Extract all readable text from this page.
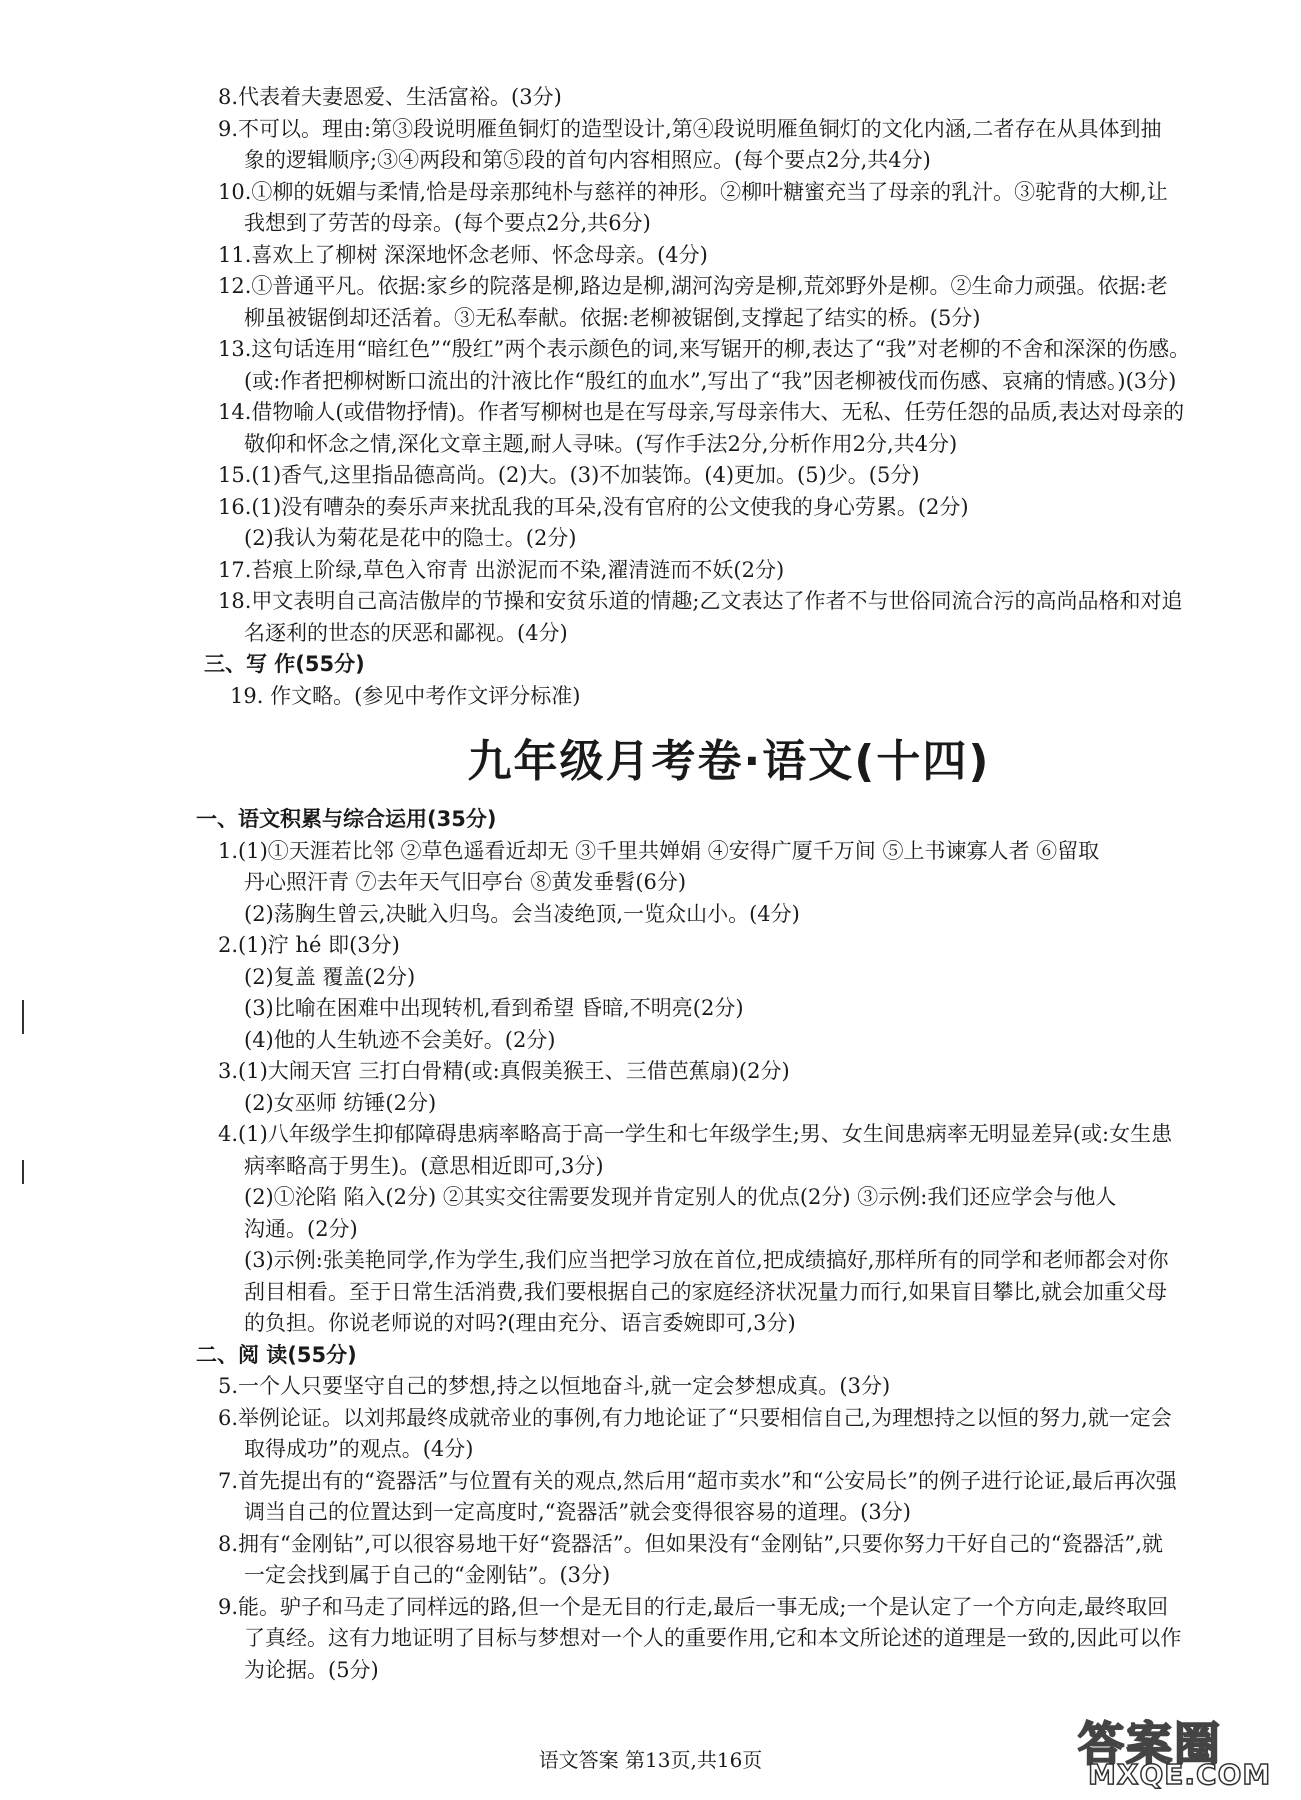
8.代表着夫妻恩爱、生活富裕。(3分)

9.不可以。理由:第③段说明雁鱼铜灯的造型设计,第④段说明雁鱼铜灯的文化内涵,二者存在从具体到抽

象的逻辑顺序;③④两段和第⑤段的首句内容相照应。(每个要点2分,共4分)

10.①柳的妩媚与柔情,恰是母亲那纯朴与慈祥的神形。②柳叶糖蜜充当了母亲的乳汁。③驼背的大柳,让

我想到了劳苦的母亲。(每个要点2分,共6分)

11.喜欢上了柳树 深深地怀念老师、怀念母亲。(4分)

12.①普通平凡。依据:家乡的院落是柳,路边是柳,湖河沟旁是柳,荒郊野外是柳。②生命力顽强。依据:老

柳虽被锯倒却还活着。③无私奉献。依据:老柳被锯倒,支撑起了结实的桥。(5分)

13.这句话连用“暗红色”“殷红”两个表示颜色的词,来写锯开的柳,表达了“我”对老柳的不舍和深深的伤感。

(或:作者把柳树断口流出的汁液比作“殷红的血水”,写出了“我”因老柳被伐而伤感、哀痛的情感。)(3分)

14.借物喻人(或借物抒情)。作者写柳树也是在写母亲,写母亲伟大、无私、任劳任怨的品质,表达对母亲的

敬仰和怀念之情,深化文章主题,耐人寻味。(写作手法2分,分析作用2分,共4分)

15.(1)香气,这里指品德高尚。(2)大。(3)不加装饰。(4)更加。(5)少。(5分)

16.(1)没有嘈杂的奏乐声来扰乱我的耳朵,没有官府的公文使我的身心劳累。(2分)

(2)我认为菊花是花中的隐士。(2分)

17.苔痕上阶绿,草色入帘青 出淤泥而不染,濯清涟而不妖(2分)

18.甲文表明自己高洁傲岸的节操和安贫乐道的情趣;乙文表达了作者不与世俗同流合污的高尚品格和对追

名逐利的世态的厌恶和鄙视。(4分)

三、写 作(55分)

19. 作文略。(参见中考作文评分标准)

九年级月考卷·语文(十四)

一、语文积累与综合运用(35分)

1.(1)①天涯若比邻 ②草色遥看近却无 ③千里共婵娟 ④安得广厦千万间 ⑤上书谏寡人者 ⑥留取

丹心照汗青 ⑦去年天气旧亭台 ⑧黄发垂髫(6分)

(2)荡胸生曾云,决眦入归鸟。会当凌绝顶,一览众山小。(4分)

2.(1)泞 hé 即(3分)

(2)复盖 覆盖(2分)

(3)比喻在困难中出现转机,看到希望 昏暗,不明亮(2分)

(4)他的人生轨迹不会美好。(2分)

3.(1)大闹天宫 三打白骨精(或:真假美猴王、三借芭蕉扇)(2分)

(2)女巫师 纺锤(2分)

4.(1)八年级学生抑郁障碍患病率略高于高一学生和七年级学生;男、女生间患病率无明显差异(或:女生患

病率略高于男生)。(意思相近即可,3分)

(2)①沦陷 陷入(2分) ②其实交往需要发现并肯定别人的优点(2分) ③示例:我们还应学会与他人

沟通。(2分)

(3)示例:张美艳同学,作为学生,我们应当把学习放在首位,把成绩搞好,那样所有的同学和老师都会对你

刮目相看。至于日常生活消费,我们要根据自己的家庭经济状况量力而行,如果盲目攀比,就会加重父母

的负担。你说老师说的对吗?(理由充分、语言委婉即可,3分)

二、阅 读(55分)

5.一个人只要坚守自己的梦想,持之以恒地奋斗,就一定会梦想成真。(3分)

6.举例论证。以刘邦最终成就帝业的事例,有力地论证了“只要相信自己,为理想持之以恒的努力,就一定会

取得成功”的观点。(4分)

7.首先提出有的“瓷器活”与位置有关的观点,然后用“超市卖水”和“公安局长”的例子进行论证,最后再次强

调当自己的位置达到一定高度时,“瓷器活”就会变得很容易的道理。(3分)

8.拥有“金刚钻”,可以很容易地干好“瓷器活”。但如果没有“金刚钻”,只要你努力干好自己的“瓷器活”,就

一定会找到属于自己的“金刚钻”。(3分)

9.能。驴子和马走了同样远的路,但一个是无目的行走,最后一事无成;一个是认定了一个方向走,最终取回

了真经。这有力地证明了目标与梦想对一个人的重要作用,它和本文所论述的道理是一致的,因此可以作

为论据。(5分)

语文答案 第13页,共16页	答案圈
MXQE.COM
